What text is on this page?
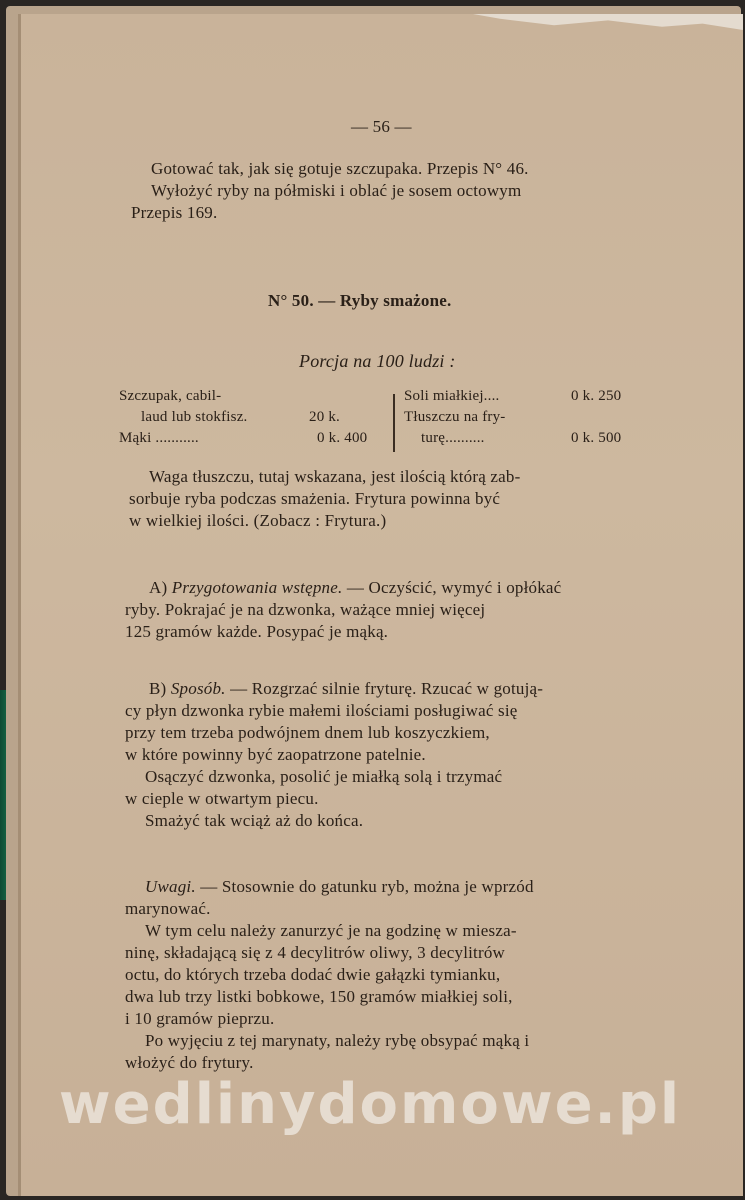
— 56 —
Gotować tak, jak się gotuje szczupaka. Przepis N° 46.
Wyłożyć ryby na półmiski i oblać je sosem octowym
Przepis 169.
N° 50. — Ryby smażone.
Porcja na 100 ludzi :
Szczupak, cabil-
laud lub stokfisz.	20 k.
Mąki ...........	0 k. 400
Soli miałkiej....	0 k. 250
Tłuszczu na fry-
turę..........	0 k. 500
Waga tłuszczu, tutaj wskazana, jest ilością którą zab-
sorbuje ryba podczas smażenia. Frytura powinna być
w wielkiej ilości. (Zobacz : Frytura.)
A) Przygotowania wstępne. — Oczyścić, wymyć i opłókać
ryby. Pokrajać je na dzwonka, ważące mniej więcej
125 gramów każde. Posypać je mąką.
B) Sposób. — Rozgrzać silnie fryturę. Rzucać w gotują-
cy płyn dzwonka rybie małemi ilościami posługiwać się
przy tem trzeba podwójnem dnem lub koszyczkiem,
w które powinny być zaopatrzone patelnie.
Osączyć dzwonka, posolić je miałką solą i trzymać
w cieple w otwartym piecu.
Smażyć tak wciąż aż do końca.
Uwagi. — Stosownie do gatunku ryb, można je wprzód
marynować.
W tym celu należy zanurzyć je na godzinę w miesza-
ninę, składającą się z 4 decylitrów oliwy, 3 decylitrów
octu, do których trzeba dodać dwie gałązki tymianku,
dwa lub trzy listki bobkowe, 150 gramów miałkiej soli,
i 10 gramów pieprzu.
Po wyjęciu z tej marynaty, należy rybę obsypać mąką i
włożyć do frytury.
wedlinydomowe.pl
